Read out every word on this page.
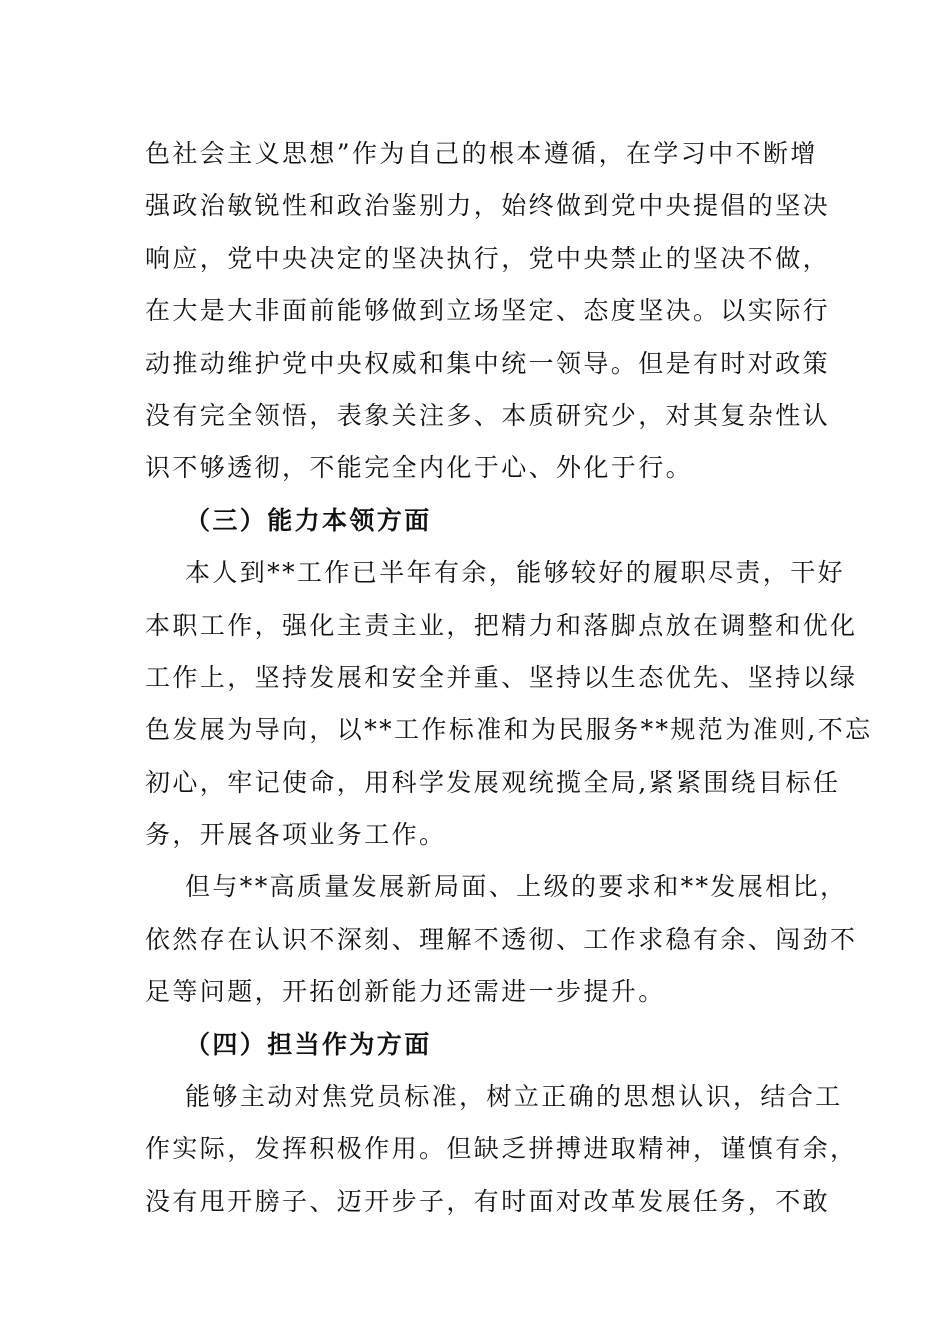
色社会主义思想”作为自己的根本遵循，在学习中不断增
强政治敏锐性和政治鉴别力，始终做到党中央提倡的坚决
响应，党中央决定的坚决执行，党中央禁止的坚决不做，
在大是大非面前能够做到立场坚定、态度坚决。以实际行
动推动维护党中央权威和集中统一领导。但是有时对政策
没有完全领悟，表象关注多、本质研究少，对其复杂性认
识不够透彻，不能完全内化于心、外化于行。
（三）能力本领方面
本人到**工作已半年有余，能够较好的履职尽责，干好
本职工作，强化主责主业，把精力和落脚点放在调整和优化
工作上，坚持发展和安全并重、坚持以生态优先、坚持以绿
色发展为导向，以**工作标准和为民服务**规范为准则,不忘
初心，牢记使命，用科学发展观统揽全局,紧紧围绕目标任
务，开展各项业务工作。
但与**高质量发展新局面、上级的要求和**发展相比，
依然存在认识不深刻、理解不透彻、工作求稳有余、闯劲不
足等问题，开拓创新能力还需进一步提升。
（四）担当作为方面
能够主动对焦党员标准，树立正确的思想认识，结合工
作实际，发挥积极作用。但缺乏拼搏进取精神，谨慎有余，
没有甩开膀子、迈开步子，有时面对改革发展任务，不敢
